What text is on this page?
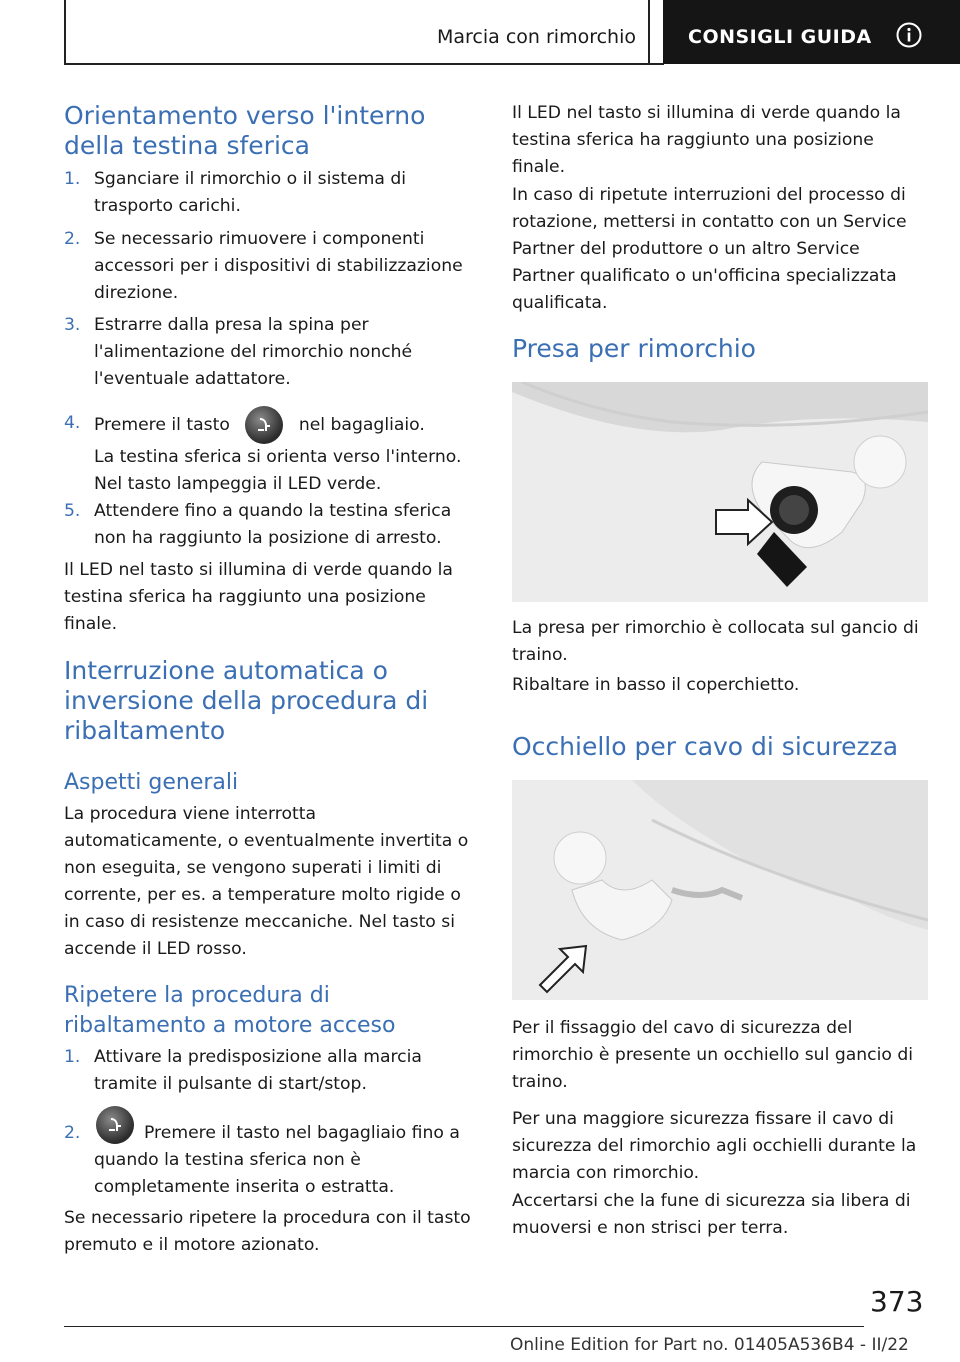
Marcia con rimorchio	CONSIGLI GUIDA
Orientamento verso l'interno della testina sferica
1. Sganciare il rimorchio o il sistema di trasporto carichi.
2. Se necessario rimuovere i componenti accessori per i dispositivi di stabilizzazione direzione.
3. Estrarre dalla presa la spina per l'alimentazione del rimorchio nonché l'eventuale adattatore.
4. Premere il tasto	nel bagagliaio.
La testina sferica si orienta verso l'interno. Nel tasto lampeggia il LED verde.
5. Attendere fino a quando la testina sferica non ha raggiunto la posizione di arresto.
Il LED nel tasto si illumina di verde quando la testina sferica ha raggiunto una posizione finale.
Interruzione automatica o inversione della procedura di ribaltamento
Aspetti generali
La procedura viene interrotta automaticamente, o eventualmente invertita o non eseguita, se vengono superati i limiti di corrente, per es. a temperature molto rigide o in caso di resistenze meccaniche. Nel tasto si accende il LED rosso.
Ripetere la procedura di ribaltamento a motore acceso
1. Attivare la predisposizione alla marcia tramite il pulsante di start/stop.
2.	Premere il tasto nel bagagliaio fino a quando la testina sferica non è completamente inserita o estratta.
Se necessario ripetere la procedura con il tasto premuto e il motore azionato.
Il LED nel tasto si illumina di verde quando la testina sferica ha raggiunto una posizione finale.
In caso di ripetute interruzioni del processo di rotazione, mettersi in contatto con un Service Partner del produttore o un altro Service Partner qualificato o un'officina specializzata qualificata.
Presa per rimorchio
La presa per rimorchio è collocata sul gancio di traino.
Ribaltare in basso il coperchietto.
Occhiello per cavo di sicurezza
Per il fissaggio del cavo di sicurezza del rimorchio è presente un occhiello sul gancio di traino.
Per una maggiore sicurezza fissare il cavo di sicurezza del rimorchio agli occhielli durante la marcia con rimorchio.
Accertarsi che la fune di sicurezza sia libera di muoversi e non strisci per terra.
373
Online Edition for Part no. 01405A536B4 - II/22
